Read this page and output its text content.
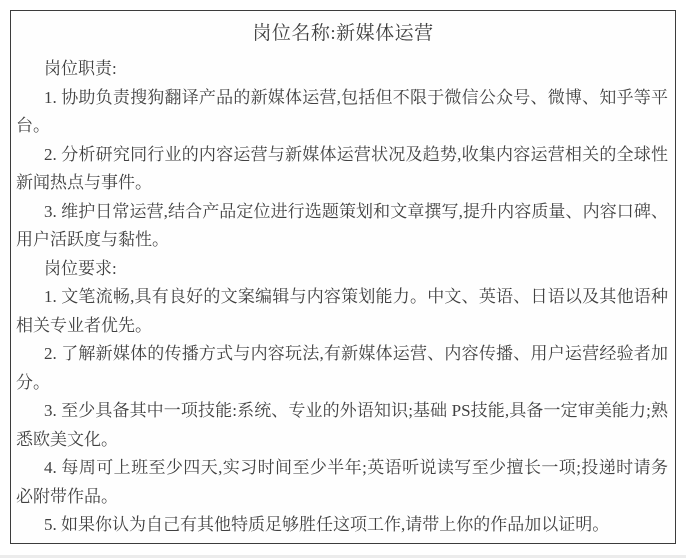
岗位名称:新媒体运营

岗位职责:

1. 协助负责搜狗翻译产品的新媒体运营,包括但不限于微信公众号、微博、知乎等平台。

2. 分析研究同行业的内容运营与新媒体运营状况及趋势,收集内容运营相关的全球性新闻热点与事件。

3. 维护日常运营,结合产品定位进行选题策划和文章撰写,提升内容质量、内容口碑、用户活跃度与黏性。

岗位要求:

1. 文笔流畅,具有良好的文案编辑与内容策划能力。中文、英语、日语以及其他语种相关专业者优先。

2. 了解新媒体的传播方式与内容玩法,有新媒体运营、内容传播、用户运营经验者加分。

3. 至少具备其中一项技能:系统、专业的外语知识;基础 PS技能,具备一定审美能力;熟悉欧美文化。

4. 每周可上班至少四天,实习时间至少半年;英语听说读写至少擅长一项;投递时请务必附带作品。

5. 如果你认为自己有其他特质足够胜任这项工作,请带上你的作品加以证明。
